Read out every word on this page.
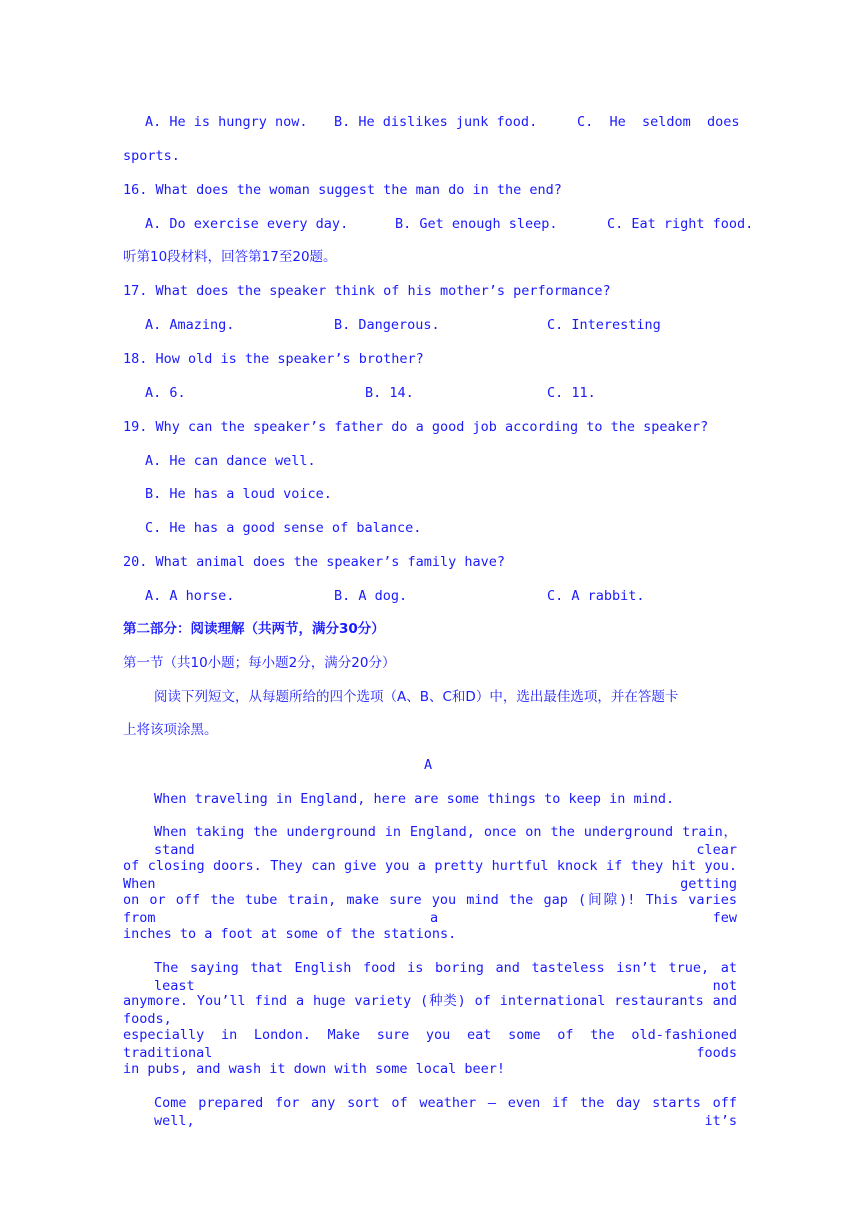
A. He is hungry now. B. He dislikes junk food.	C.  He  seldom  does
sports.
16. What does the woman suggest the man do in the end?
A. Do exercise every day.	B. Get enough sleep.	C. Eat right food.
听第10段材料，回答第17至20题。
17. What does the speaker think of his mother’s performance?
A. Amazing.	B. Dangerous.	C. Interesting
18. How old is the speaker’s brother?
A. 6.	B. 14.	C. 11.
19. Why can the speaker’s father do a good job according to the speaker?
A. He can dance well.
B. He has a loud voice.
C. He has a good sense of balance.
20. What animal does the speaker’s family have?
A. A horse.	B. A dog.	C. A rabbit.
第二部分：阅读理解（共两节，满分30分）
第一节（共10小题；每小题2分，满分20分）
阅读下列短文，从每题所给的四个选项（A、B、C和D）中，选出最佳选项，并在答题卡
上将该项涂黑。
A
When traveling in England, here are some things to keep in mind.
When taking the underground in England, once on the underground train，stand clear
of closing doors. They can give you a pretty hurtful knock if they hit you. When getting
on or off the tube train, make sure you mind the gap (间隙)! This varies from a few
inches to a foot at some of the stations.
The saying that English food is boring and tasteless isn’t true, at least not
anymore. You’ll find a huge variety (种类) of international restaurants and foods,
especially in London. Make sure you eat some of the old-fashioned traditional foods
in pubs, and wash it down with some local beer!
Come prepared for any sort of weather — even if the day starts off well, it’s
